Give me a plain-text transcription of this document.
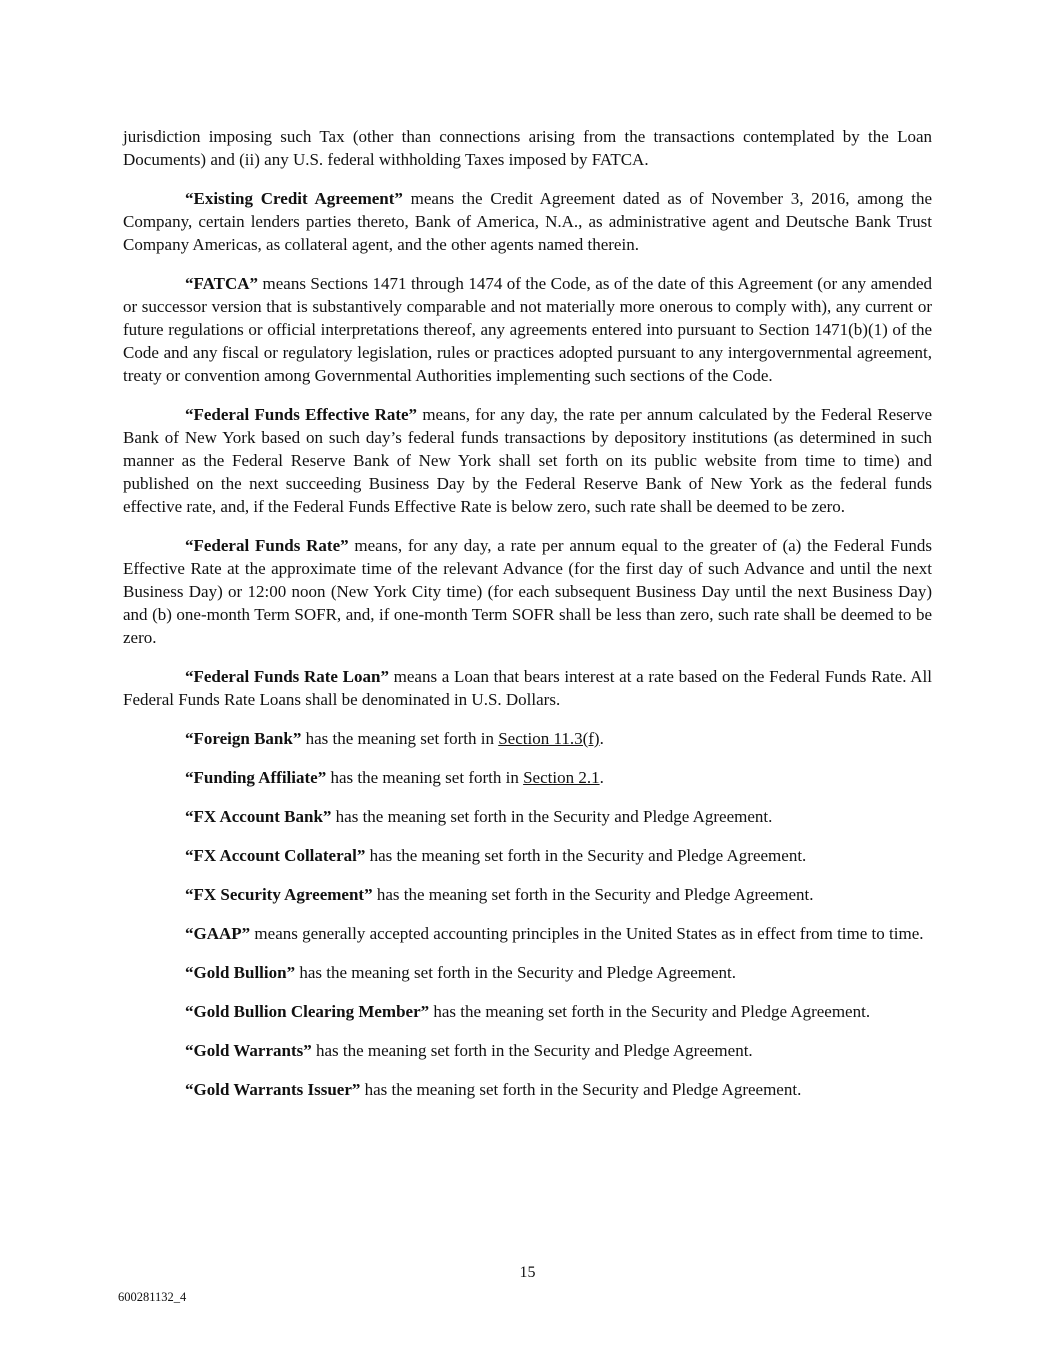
jurisdiction imposing such Tax (other than connections arising from the transactions contemplated by the Loan Documents) and (ii) any U.S. federal withholding Taxes imposed by FATCA.

“Existing Credit Agreement” means the Credit Agreement dated as of November 3, 2016, among the Company, certain lenders parties thereto, Bank of America, N.A., as administrative agent and Deutsche Bank Trust Company Americas, as collateral agent, and the other agents named therein.

“FATCA” means Sections 1471 through 1474 of the Code, as of the date of this Agreement (or any amended or successor version that is substantively comparable and not materially more onerous to comply with), any current or future regulations or official interpretations thereof, any agreements entered into pursuant to Section 1471(b)(1) of the Code and any fiscal or regulatory legislation, rules or practices adopted pursuant to any intergovernmental agreement, treaty or convention among Governmental Authorities implementing such sections of the Code.

“Federal Funds Effective Rate” means, for any day, the rate per annum calculated by the Federal Reserve Bank of New York based on such day’s federal funds transactions by depository institutions (as determined in such manner as the Federal Reserve Bank of New York shall set forth on its public website from time to time) and published on the next succeeding Business Day by the Federal Reserve Bank of New York as the federal funds effective rate, and, if the Federal Funds Effective Rate is below zero, such rate shall be deemed to be zero.

“Federal Funds Rate” means, for any day, a rate per annum equal to the greater of (a) the Federal Funds Effective Rate at the approximate time of the relevant Advance (for the first day of such Advance and until the next Business Day) or 12:00 noon (New York City time) (for each subsequent Business Day until the next Business Day) and (b) one-month Term SOFR, and, if one-month Term SOFR shall be less than zero, such rate shall be deemed to be zero.

“Federal Funds Rate Loan” means a Loan that bears interest at a rate based on the Federal Funds Rate. All Federal Funds Rate Loans shall be denominated in U.S. Dollars.

“Foreign Bank” has the meaning set forth in Section 11.3(f).

“Funding Affiliate” has the meaning set forth in Section 2.1.

“FX Account Bank” has the meaning set forth in the Security and Pledge Agreement.

“FX Account Collateral” has the meaning set forth in the Security and Pledge Agreement.

“FX Security Agreement” has the meaning set forth in the Security and Pledge Agreement.

“GAAP” means generally accepted accounting principles in the United States as in effect from time to time.

“Gold Bullion” has the meaning set forth in the Security and Pledge Agreement.

“Gold Bullion Clearing Member” has the meaning set forth in the Security and Pledge Agreement.

“Gold Warrants” has the meaning set forth in the Security and Pledge Agreement.

“Gold Warrants Issuer” has the meaning set forth in the Security and Pledge Agreement.

15
600281132_4
